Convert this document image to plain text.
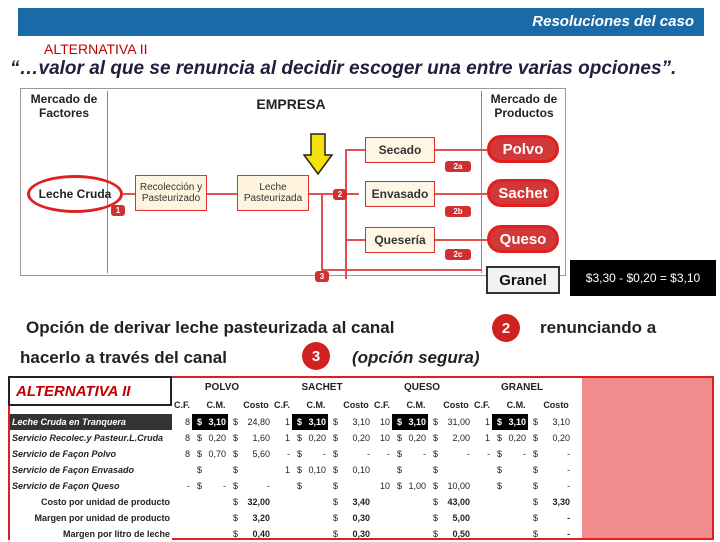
Resoluciones del caso
ALTERNATIVA II
“…valor al que se renuncia al decidir escoger una entre varias opciones”.
Mercado de Factores
EMPRESA	Mercado de Productos
Leche Cruda	Recolección y Pasteurizado
Leche Pasteurizada
Secado
Envasado
Quesería
Polvo
Sachet
Queso
1
2
2a
2b
2c
3	Granel	$3,30 - $0,20 = $3,10
Opción de derivar leche pasteurizada al canal	2	renunciando a
hacerlo a través del canal	3	(opción segura)
	POLVO					SACHET					QUESO					GRANEL				
	C.F.		C.M.		Costo	C.F.		C.M.		Costo	C.F.		C.M.		Costo	C.F.		C.M.		Costo
Leche Cruda en Tranquera	8	$	3,10	$	24,80	1	$	3,10	$	3,10	10	$	3,10	$	31,00	1	$	3,10	$	3,10
Servicio Recolec.y Pasteur.L.Cruda	8	$	0,20	$	1,60	1	$	0,20	$	0,20	10	$	0,20	$	2,00	1	$	0,20	$	0,20
Servicio de Façon Polvo	8	$	0,70	$	5,60	-	$	-	$	-	-	$	-	$	-	-	$	-	$	-
Servicio de Façon Envasado		$		$		1	$	0,10	$	0,10		$		$			$		$	-
Servicio de Façon Queso	-	$	-	$	-		$		$		10	$	1,00	$	10,00		$		$	-
Costo por unidad de producto				$	32,00				$	3,40				$	43,00				$	3,30
Margen por unidad de producto				$	3,20				$	0,30				$	5,00				$	-
Margen por litro de leche				$	0,40				$	0,30				$	0,50				$	-
ALTERNATIVA II
